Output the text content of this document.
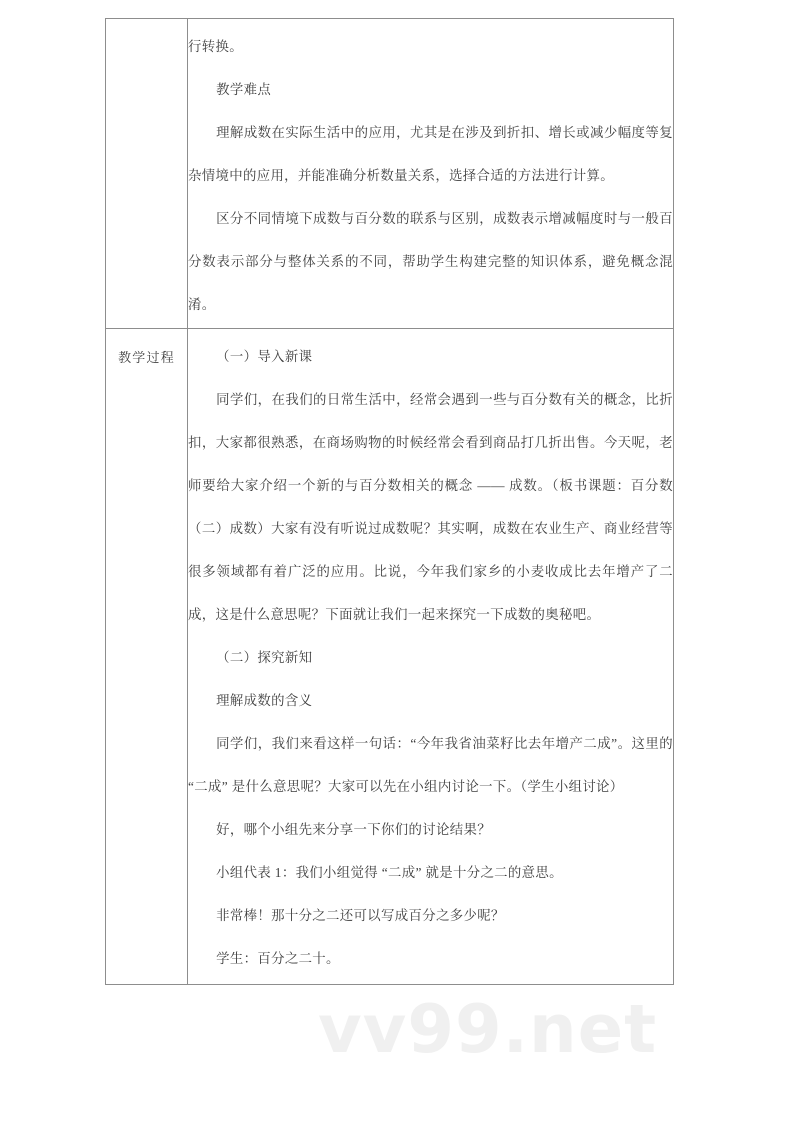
vv99.net

	行转换。

教学难点

理解成数在实际生活中的应用，尤其是在涉及到折扣、增长或减少幅度等复杂情境中的应用，并能准确分析数量关系，选择合适的方法进行计算。

区分不同情境下成数与百分数的联系与区别，成数表示增减幅度时与一般百分数表示部分与整体关系的不同，帮助学生构建完整的知识体系，避免概念混淆。

教学过程	（一）导入新课

同学们，在我们的日常生活中，经常会遇到一些与百分数有关的概念，比折扣，大家都很熟悉，在商场购物的时候经常会看到商品打几折出售。今天呢，老师要给大家介绍一个新的与百分数相关的概念 —— 成数。（板书课题：百分数（二）成数）大家有没有听说过成数呢？其实啊，成数在农业生产、商业经营等很多领域都有着广泛的应用。比说，今年我们家乡的小麦收成比去年增产了二成，这是什么意思呢？下面就让我们一起来探究一下成数的奥秘吧。

（二）探究新知

理解成数的含义

同学们，我们来看这样一句话：“今年我省油菜籽比去年增产二成”。这里的 “二成” 是什么意思呢？大家可以先在小组内讨论一下。（学生小组讨论）

好，哪个小组先来分享一下你们的讨论结果？

小组代表 1：我们小组觉得 “二成” 就是十分之二的意思。

非常棒！那十分之二还可以写成百分之多少呢？

学生：百分之二十。
